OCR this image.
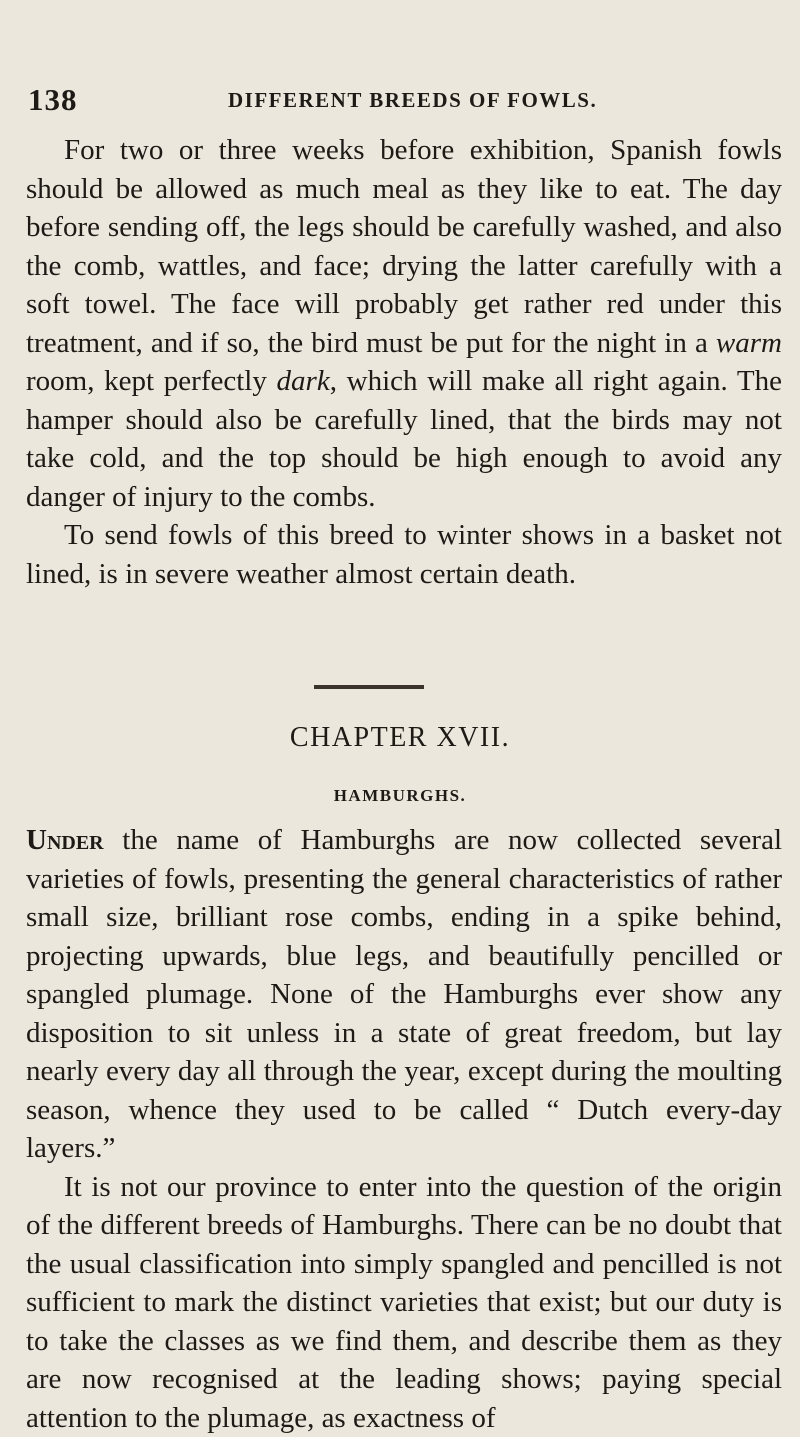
138	DIFFERENT BREEDS OF FOWLS.

For two or three weeks before exhibition, Spanish fowls should be allowed as much meal as they like to eat. The day before sending off, the legs should be carefully washed, and also the comb, wattles, and face; drying the latter carefully with a soft towel. The face will probably get rather red under this treatment, and if so, the bird must be put for the night in a warm room, kept perfectly dark, which will make all right again. The hamper should also be carefully lined, that the birds may not take cold, and the top should be high enough to avoid any danger of injury to the combs.

To send fowls of this breed to winter shows in a basket not lined, is in severe weather almost certain death.

CHAPTER XVII.
HAMBURGHS.

Under the name of Hamburghs are now collected several varieties of fowls, presenting the general characteristics of rather small size, brilliant rose combs, ending in a spike behind, projecting upwards, blue legs, and beautifully pencilled or spangled plumage. None of the Hamburghs ever show any disposition to sit unless in a state of great freedom, but lay nearly every day all through the year, except during the moulting season, whence they used to be called “ Dutch every-day layers.”

It is not our province to enter into the question of the origin of the different breeds of Hamburghs. There can be no doubt that the usual classification into simply spangled and pencilled is not sufficient to mark the distinct varieties that exist; but our duty is to take the classes as we find them, and describe them as they are now recognised at the leading shows; paying special attention to the plumage, as exactness of
